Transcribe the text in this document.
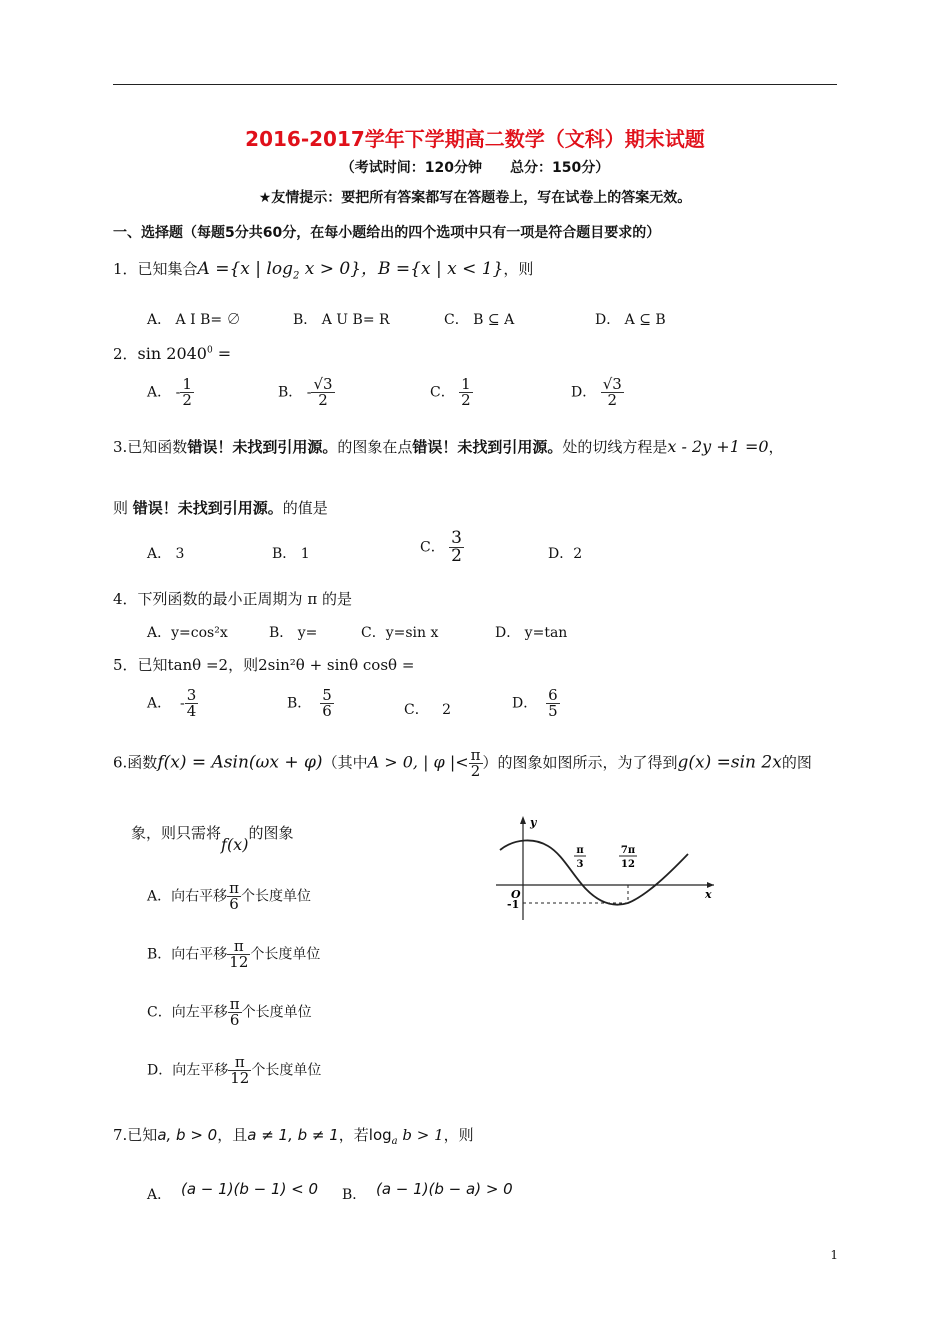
2016-2017学年下学期高二数学（文科）期末试题
（考试时间：120分钟　　总分：150分）
★友情提示：要把所有答案都写在答题卷上，写在试卷上的答案无效。
一、选择题（每题5分共60分，在每小题给出的四个选项中只有一项是符合题目要求的）
1．已知集合A ={x | $\log_2 x > 0$}，B ={x | x < 1}，则
A． A I B= ∅	B． A U B= R	C． B ⊆ A	D． A ⊆ B
2．$\sin 2040^0$ =
A． - $\frac{1}{2}$	B． - $\frac{√3}{2}$	C． $\frac{1}{2}$	D． $\frac{√3}{2}$
3.已知函数错误！未找到引用源。的图象在点错误！未找到引用源。处的切线方程是x - 2y +1 =0，
则 错误！未找到引用源。的值是
A． 3	B． 1	C． $\frac{3}{2}$	D．2
4．下列函数的最小正周期为 π 的是
A．y=cos²x	B． y=	C．y=sin x	D． y=tan
5．已知tanθ =2，则2sin²θ + sinθ cosθ =
A． - $\frac{3}{4}$	B． $\frac{5}{6}$	C． 2	D． $\frac{6}{5}$
6.函数f(x) = Asin(ωx + φ)（其中A > 0, | φ |< $\frac{\pi}{2}$ ）的图象如图所示，为了得到g(x) =sin 2x的图
象，则只需将f(x)的图象
A．向右平移 $\frac{\pi}{6}$ 个长度单位
B．向右平移 $\frac{\pi}{12}$ 个长度单位
C．向左平移 $\frac{\pi}{6}$ 个长度单位
D．向左平移 $\frac{\pi}{12}$ 个长度单位
y
x
O
-1
π
3
7π
12
7.已知a, b > 0，且a ≠ 1, b ≠ 1，若$\log_a b > 1$，则
A． (a − 1)(b − 1) < 0 B． (a − 1)(b − a) > 0
1
